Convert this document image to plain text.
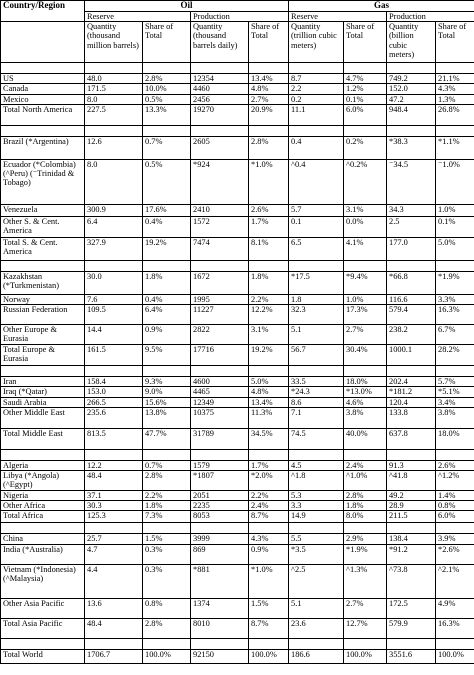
Country/Region	Oil				Gas			
	Reserve		Production		Reserve		Production	
	Quantity (thousand million barrels)	Share of Total	Quantity (thousand barrels daily)	Share of Total	Quantity (trillion cubic meters)	Share of Total	Quantity (billion cubic meters)	Share of Total

US	48.0	2.8%	12354	13.4%	8.7	4.7%	749.2	21.1%
Canada	171.5	10.0%	4460	4.8%	2.2	1.2%	152.0	4.3%
Mexico	8.0	0.5%	2456	2.7%	0.2	0.1%	47.2	1.3%
Total North America	227.5	13.3%	19270	20.9%	11.1	6.0%	948.4	26.8%

Brazil (*Argentina)	12.6	0.7%	2605	2.8%	0.4	0.2%	*38.3	*1.1%
Ecuador (*Colombia) (^Peru) (⁻Trinidad & Tobago)	8.0	0.5%	*924	*1.0%	^0.4	^0.2%	⁻34.5	⁻1.0%
Venezuela	300.9	17.6%	2410	2.6%	5.7	3.1%	34.3	1.0%
Other S. & Cent. America	6.4	0.4%	1572	1.7%	0.1	0.0%	2.5	0.1%
Total S. & Cent. America	327.9	19.2%	7474	8.1%	6.5	4.1%	177.0	5.0%

Kazakhstan (*Turkmenistan)	30.0	1.8%	1672	1.8%	*17.5	*9.4%	*66.8	*1.9%
Norway	7.6	0.4%	1995	2.2%	1.8	1.0%	116.6	3.3%
Russian Federation	109.5	6.4%	11227	12.2%	32.3	17.3%	579.4	16.3%
Other Europe & Eurasia	14.4	0.9%	2822	3.1%	5.1	2.7%	238.2	6.7%
Total Europe & Eurasia	161.5	9.5%	17716	19.2%	56.7	30.4%	1000.1	28.2%

Iran	158.4	9.3%	4600	5.0%	33.5	18.0%	202.4	5.7%
Iraq (*Qatar)	153.0	9.0%	4465	4.8%	*24.3	*13.0%	*181.2	*5.1%
Saudi Arabia	266.5	15.6%	12349	13.4%	8.6	4.6%	120.4	3.4%
Other Middle East	235.6	13.8%	10375	11.3%	7.1	3.8%	133.8	3.8%
Total Middle East	813.5	47.7%	31789	34.5%	74.5	40.0%	637.8	18.0%

Algeria	12.2	0.7%	1579	1.7%	4.5	2.4%	91.3	2.6%
Libya (*Angola) (^Egypt)	48.4	2.8%	*1807	*2.0%	^1.8	^1.0%	^41.8	^1.2%
Nigeria	37.1	2.2%	2051	2.2%	5.3	2.8%	49.2	1.4%
Other Africa	30.3	1.8%	2235	2.4%	3.3	1.8%	28.9	0.8%
Total Africa	125.3	7.3%	8053	8.7%	14.9	8.0%	211.5	6.0%

China	25.7	1.5%	3999	4.3%	5.5	2.9%	138.4	3.9%
India (*Australia)	4.7	0.3%	869	0.9%	*3.5	*1.9%	*91.2	*2.6%
Vietnam (*Indonesia) (^Malaysia)	4.4	0.3%	*881	*1.0%	^2.5	^1.3%	^73.8	^2.1%
Other Asia Pacific	13.6	0.8%	1374	1.5%	5.1	2.7%	172.5	4.9%
Total Asia Pacific	48.4	2.8%	8010	8.7%	23.6	12.7%	579.9	16.3%

Total World	1706.7	100.0%	92150	100.0%	186.6	100.0%	3551.6	100.0%
